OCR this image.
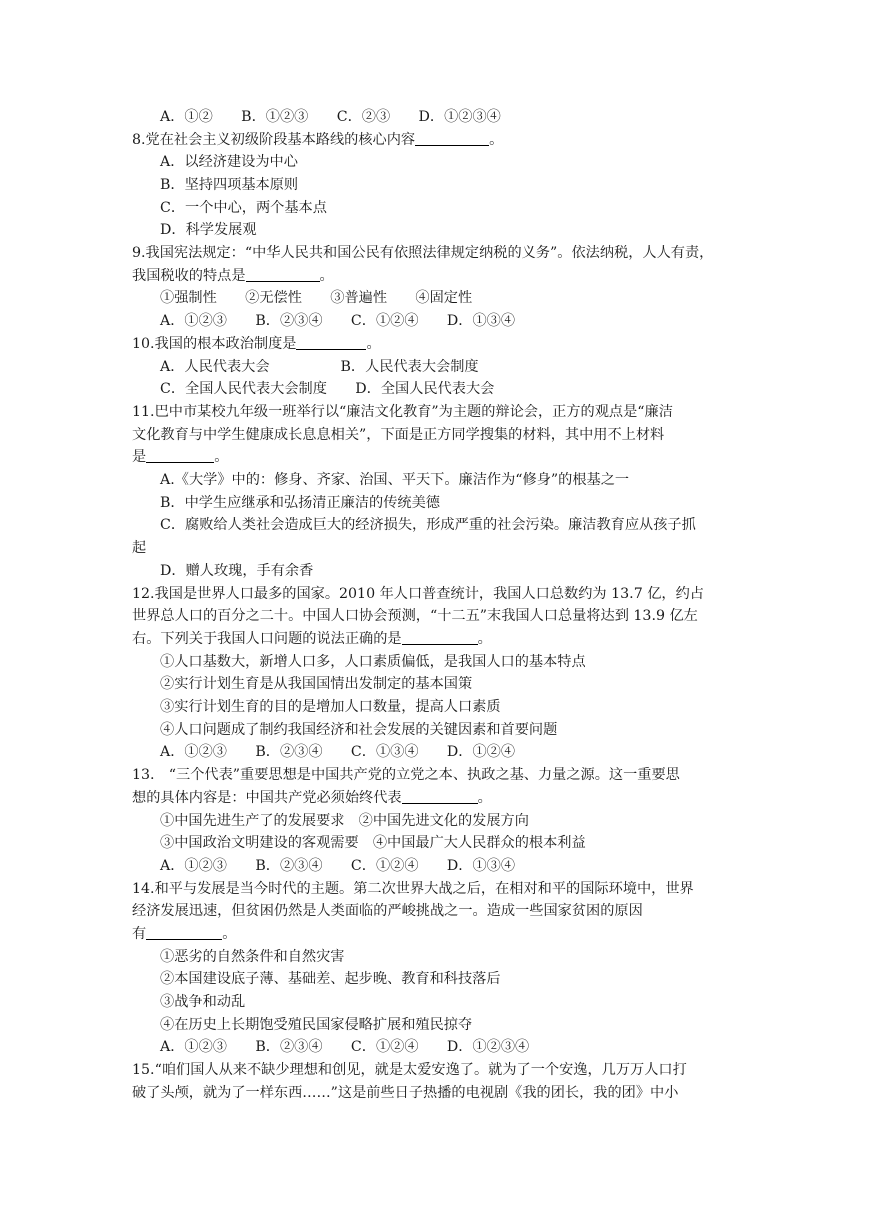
A．①②　　B．①②③　　C．②③　　D．①②③④
8.党在社会主义初级阶段基本路线的核心内容	。
A．以经济建设为中心
B．坚持四项基本原则
C．一个中心，两个基本点
D．科学发展观
9.我国宪法规定：“中华人民共和国公民有依照法律规定纳税的义务”。依法纳税，人人有责，
我国税收的特点是	。
①强制性　　②无偿性　　③普遍性　　④固定性
A．①②③　　B．②③④　　C．①②④　　D．①③④
10.我国的根本政治制度是	。
A．人民代表大会　　　　　B．人民代表大会制度
C．全国人民代表大会制度　　D．全国人民代表大会
11.巴中市某校九年级一班举行以“廉洁文化教育”为主题的辩论会，正方的观点是“廉洁
文化教育与中学生健康成长息息相关”，下面是正方同学搜集的材料，其中用不上材料
是	。
A.《大学》中的：修身、齐家、治国、平天下。廉洁作为“修身”的根基之一
B．中学生应继承和弘扬清正廉洁的传统美德
C．腐败给人类社会造成巨大的经济损失，形成严重的社会污染。廉洁教育应从孩子抓
起
D．赠人玫瑰，手有余香
12.我国是世界人口最多的国家。2010 年人口普查统计，我国人口总数约为 13.7 亿，约占
世界总人口的百分之二十。中国人口协会预测，“十二五”末我国人口总量将达到 13.9 亿左
右。下列关于我国人口问题的说法正确的是	。
①人口基数大，新增人口多，人口素质偏低，是我国人口的基本特点
②实行计划生育是从我国国情出发制定的基本国策
③实行计划生育的目的是增加人口数量，提高人口素质
④人口问题成了制约我国经济和社会发展的关键因素和首要问题
A．①②③　　B．②③④　　C．①③④　　D．①②④
13.　“三个代表”重要思想是中国共产党的立党之本、执政之基、力量之源。这一重要思
想的具体内容是：中国共产党必须始终代表	。
①中国先进生产了的发展要求　②中国先进文化的发展方向
③中国政治文明建设的客观需要　④中国最广大人民群众的根本利益
A．①②③　　B．②③④　　C．①②④　　D．①③④
14.和平与发展是当今时代的主题。第二次世界大战之后，在相对和平的国际环境中，世界
经济发展迅速，但贫困仍然是人类面临的严峻挑战之一。造成一些国家贫困的原因
有	。
①恶劣的自然条件和自然灾害
②本国建设底子薄、基础差、起步晚、教育和科技落后
③战争和动乱
④在历史上长期饱受殖民国家侵略扩展和殖民掠夺
A．①②③　　B．②③④　　C．①②④　　D．①②③④
15.“咱们国人从来不缺少理想和创见，就是太爱安逸了。就为了一个安逸，几万万人口打
破了头颅，就为了一样东西……”这是前些日子热播的电视剧《我的团长，我的团》中小
